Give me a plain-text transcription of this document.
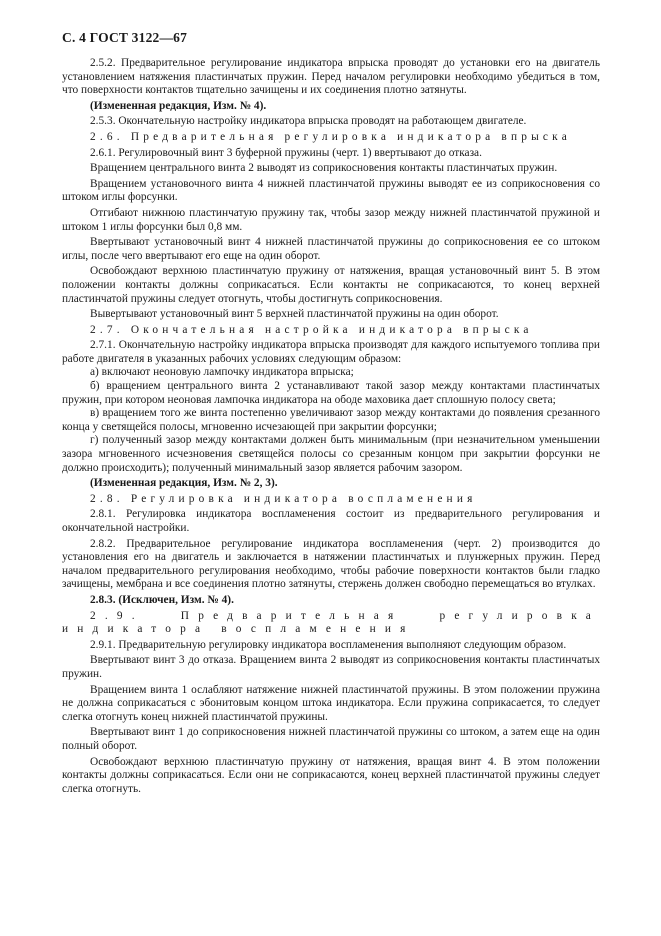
С. 4 ГОСТ 3122—67

2.5.2. Предварительное регулирование индикатора впрыска проводят до установки его на двигатель установлением натяжения пластинчатых пружин. Перед началом регулировки необходимо убедиться в том, что поверхности контактов тщательно зачищены и их соединения плотно затянуты.

(Измененная редакция, Изм. № 4).

2.5.3. Окончательную настройку индикатора впрыска проводят на работающем двигателе.

2.6. Предварительная регулировка индикатора впрыска

2.6.1. Регулировочный винт 3 буферной пружины (черт. 1) ввертывают до отказа.

Вращением центрального винта 2 выводят из соприкосновения контакты пластинчатых пружин.

Вращением установочного винта 4 нижней пластинчатой пружины выводят ее из соприкосновения со штоком иглы форсунки.

Отгибают нижнюю пластинчатую пружину так, чтобы зазор между нижней пластинчатой пружиной и штоком 1 иглы форсунки был 0,8 мм.

Ввертывают установочный винт 4 нижней пластинчатой пружины до соприкосновения ее со штоком иглы, после чего ввертывают его еще на один оборот.

Освобождают верхнюю пластинчатую пружину от натяжения, вращая установочный винт 5. В этом положении контакты должны соприкасаться. Если контакты не соприкасаются, то конец верхней пластинчатой пружины следует отогнуть, чтобы достигнуть соприкосновения.

Вывертывают установочный винт 5 верхней пластинчатой пружины на один оборот.

2.7. Окончательная настройка индикатора впрыска

2.7.1. Окончательную настройку индикатора впрыска производят для каждого испытуемого топлива при работе двигателя в указанных рабочих условиях следующим образом:

а) включают неоновую лампочку индикатора впрыска;

б) вращением центрального винта 2 устанавливают такой зазор между контактами пластинчатых пружин, при котором неоновая лампочка индикатора на ободе маховика дает сплошную полосу света;

в) вращением того же винта постепенно увеличивают зазор между контактами до появления срезанного конца у светящейся полосы, мгновенно исчезающей при закрытии форсунки;

г) полученный зазор между контактами должен быть минимальным (при незначительном уменьшении зазора мгновенного исчезновения светящейся полосы со срезанным концом при закрытии форсунки не должно происходить); полученный минимальный зазор является рабочим зазором.

(Измененная редакция, Изм. № 2, 3).

2.8. Регулировка индикатора воспламенения

2.8.1. Регулировка индикатора воспламенения состоит из предварительного регулирования и окончательной настройки.

2.8.2. Предварительное регулирование индикатора воспламенения (черт. 2) производится до установления его на двигатель и заключается в натяжении пластинчатых и плунжерных пружин. Перед началом предварительного регулирования необходимо, чтобы рабочие поверхности контактов были гладко зачищены, мембрана и все соединения плотно затянуты, стержень должен свободно перемещаться во втулках.

2.8.3. (Исключен, Изм. № 4).

2.9. Предварительная регулировка индикатора воспламенения

2.9.1. Предварительную регулировку индикатора воспламенения выполняют следующим образом.

Ввертывают винт 3 до отказа. Вращением винта 2 выводят из соприкосновения контакты пластинчатых пружин.

Вращением винта 1 ослабляют натяжение нижней пластинчатой пружины. В этом положении пружина не должна соприкасаться с эбонитовым концом штока индикатора. Если пружина соприкасается, то следует слегка отогнуть конец нижней пластинчатой пружины.

Ввертывают винт 1 до соприкосновения нижней пластинчатой пружины со штоком, а затем еще на один полный оборот.

Освобождают верхнюю пластинчатую пружину от натяжения, вращая винт 4. В этом положении контакты должны соприкасаться. Если они не соприкасаются, конец верхней пластинчатой пружины следует слегка отогнуть.
